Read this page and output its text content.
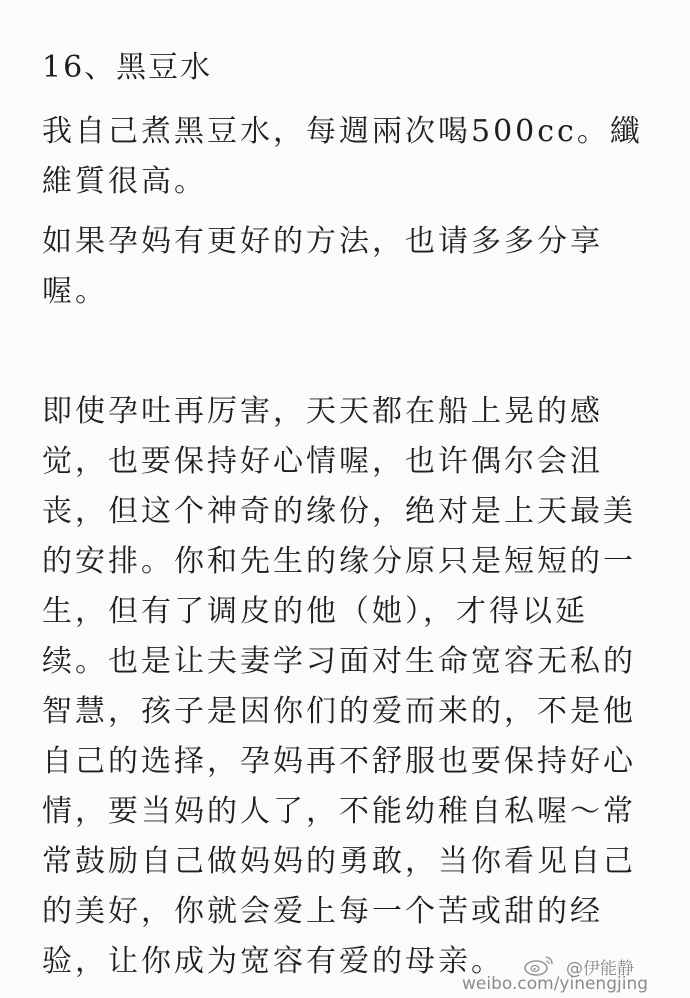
16、黑豆水
我自己煮黑豆水，每週兩次喝500cc。纖
維質很高。
如果孕妈有更好的方法，也请多多分享
喔。
即使孕吐再厉害，天天都在船上晃的感
觉，也要保持好心情喔，也许偶尔会沮
丧，但这个神奇的缘份，绝对是上天最美
的安排。你和先生的缘分原只是短短的一
生，但有了调皮的他（她），才得以延
续。也是让夫妻学习面对生命宽容无私的
智慧，孩子是因你们的爱而来的，不是他
自己的选择，孕妈再不舒服也要保持好心
情，要当妈的人了，不能幼稚自私喔～常
常鼓励自己做妈妈的勇敢，当你看见自己
的美好，你就会爱上每一个苦或甜的经
验，让你成为宽容有爱的母亲。	@伊能静
weibo.com/yinengjing
